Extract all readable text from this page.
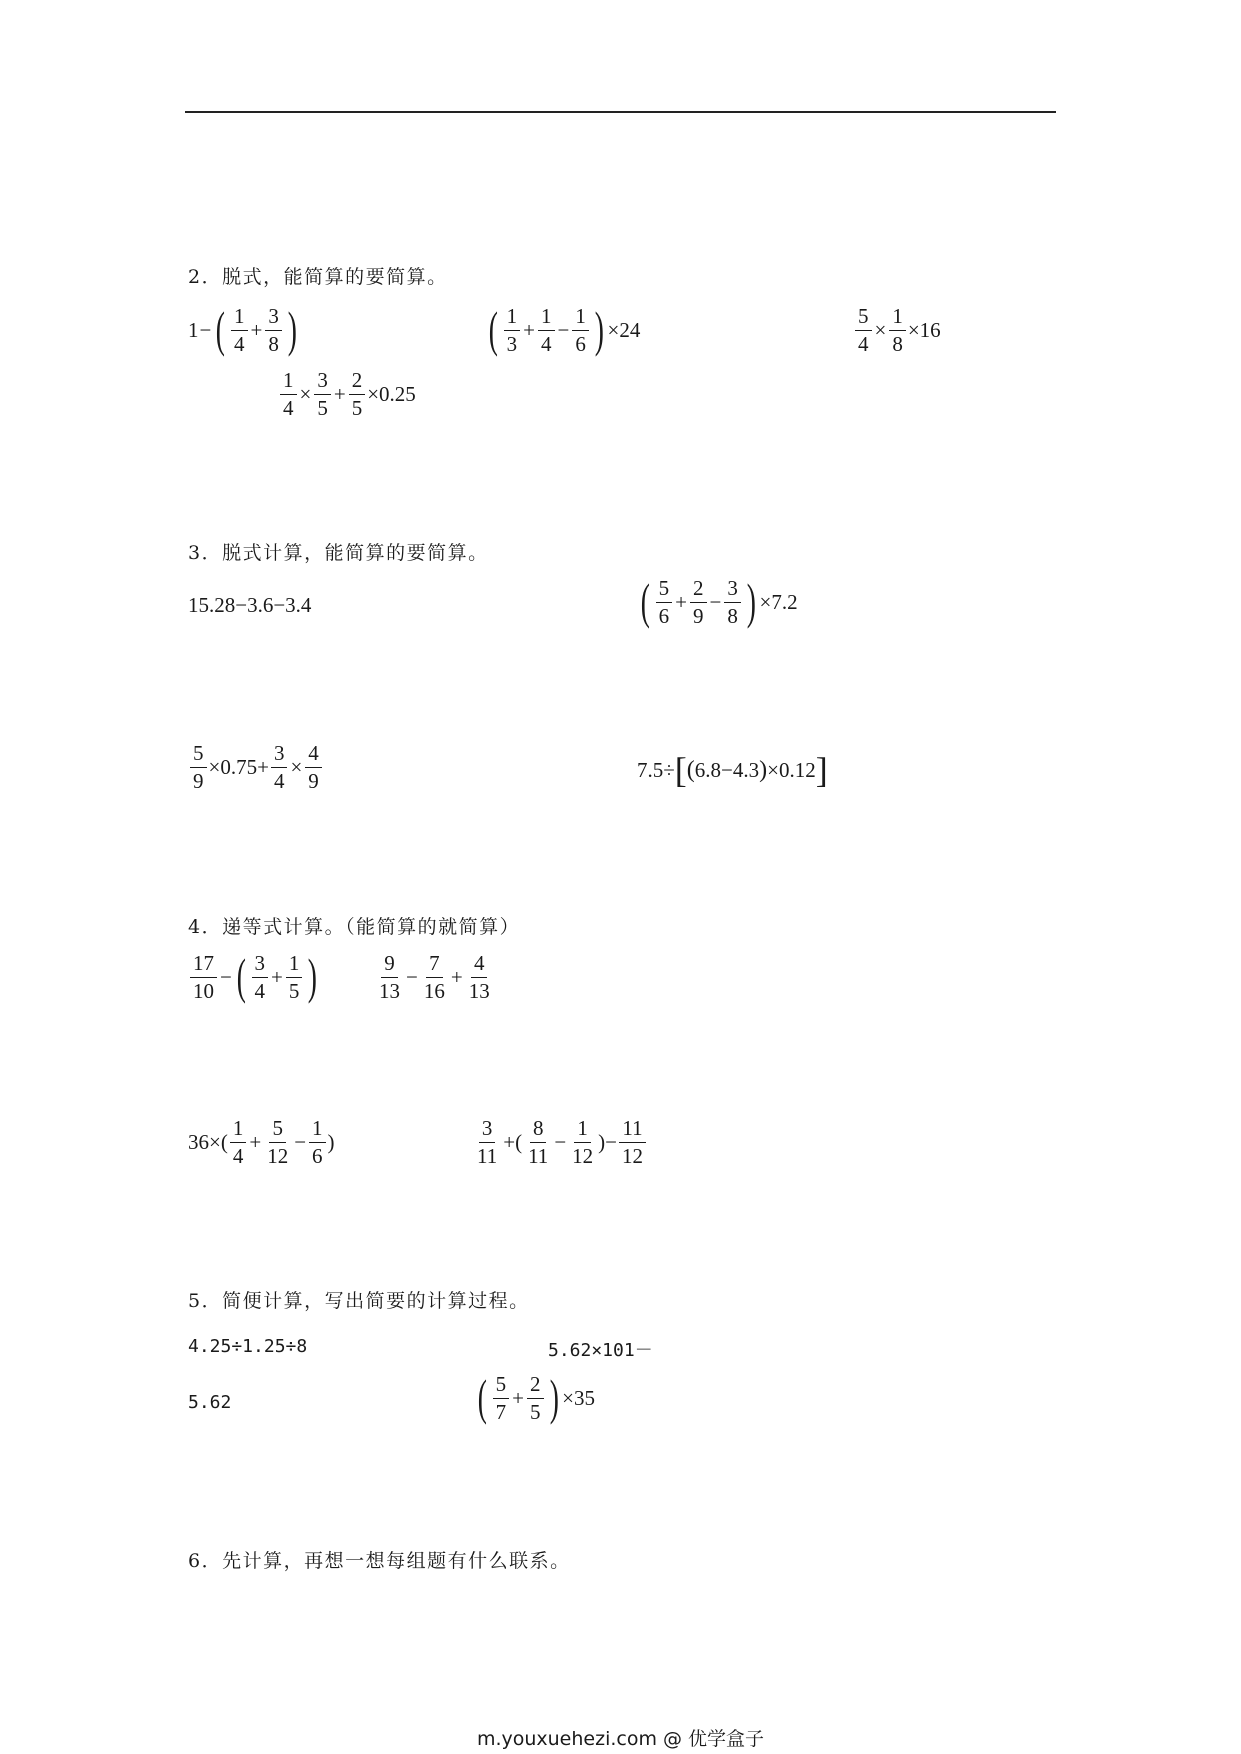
2．脱式，能简算的要简算。
1 − ( $\frac{1}{4} + \frac{3}{8}$ )	( $\frac{1}{3} + \frac{1}{4} - \frac{1}{6}$ ) ×24	$\frac{5}{4} \times \frac{1}{8} \times 16$
$\frac{1}{4} \times \frac{3}{5} + \frac{2}{5} \times 0.25$
3．脱式计算，能简算的要简算。
15.28−3.6−3.4	( $\frac{5}{6} + \frac{2}{9} - \frac{3}{8}$ ) ×7.2
$\frac{5}{9} \times 0.75+ \frac{3}{4} \times \frac{4}{9}$	7.5÷ [ ( 6.8−4.3 ) ×0.12 ]
4．递等式计算。（能简算的就简算）
$\frac{17}{10}$ − ( $\frac{3}{4} + \frac{1}{5}$ )	$\frac{9}{13} - \frac{7}{16} + \frac{4}{13}$
$36\times( \frac{1}{4} + \frac{5}{12} - \frac{1}{6}$ )	$\frac{3}{11}$ +( $\frac{8}{11} - \frac{1}{12}$ )− $\frac{11}{12}$
5．简便计算，写出简要的计算过程。
4.25÷1.25÷8	5.62×101－
5.62	( $\frac{5}{7} + \frac{2}{5}$ ) ×35
6．先计算，再想一想每组题有什么联系。
m.youxuehezi.com @ 优学盒子
